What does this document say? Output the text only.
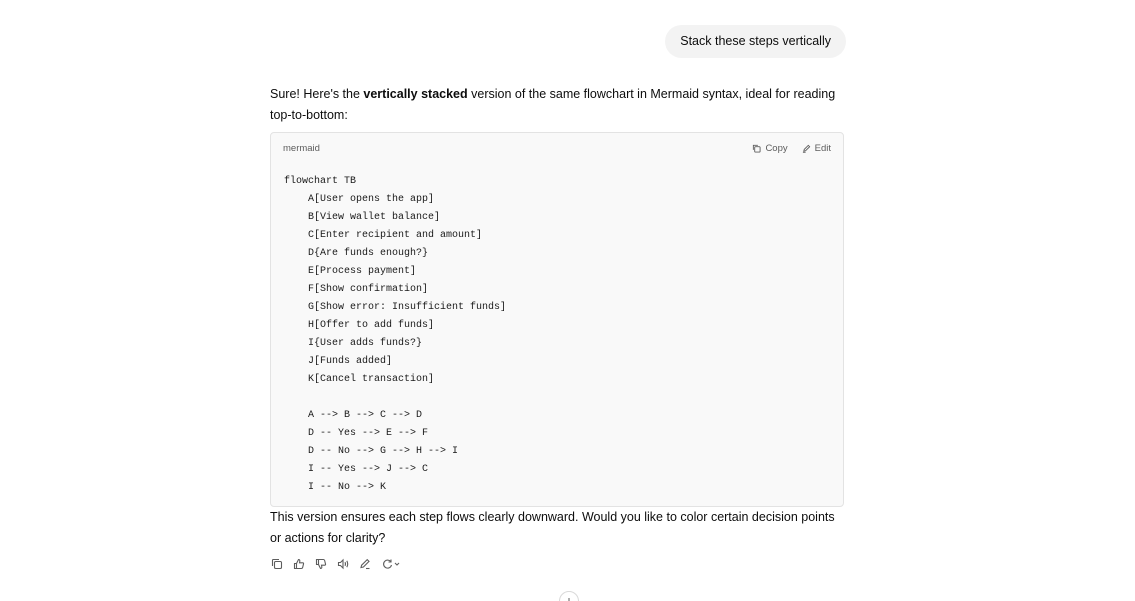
Stack these steps vertically

Sure! Here's the vertically stacked version of the same flowchart in Mermaid syntax, ideal for reading top-to-bottom:

mermaid	Copy	Edit
flowchart TB
A[User opens the app]
B[View wallet balance]
C[Enter recipient and amount]
D{Are funds enough?}
E[Process payment]
F[Show confirmation]
G[Show error: Insufficient funds]
H[Offer to add funds]
I{User adds funds?}
J[Funds added]
K[Cancel transaction]
A --> B --> C --> D
D -- Yes --> E --> F
D -- No --> G --> H --> I
I -- Yes --> J --> C
I -- No --> K

This version ensures each step flows clearly downward. Would you like to color certain decision points or actions for clarity?
